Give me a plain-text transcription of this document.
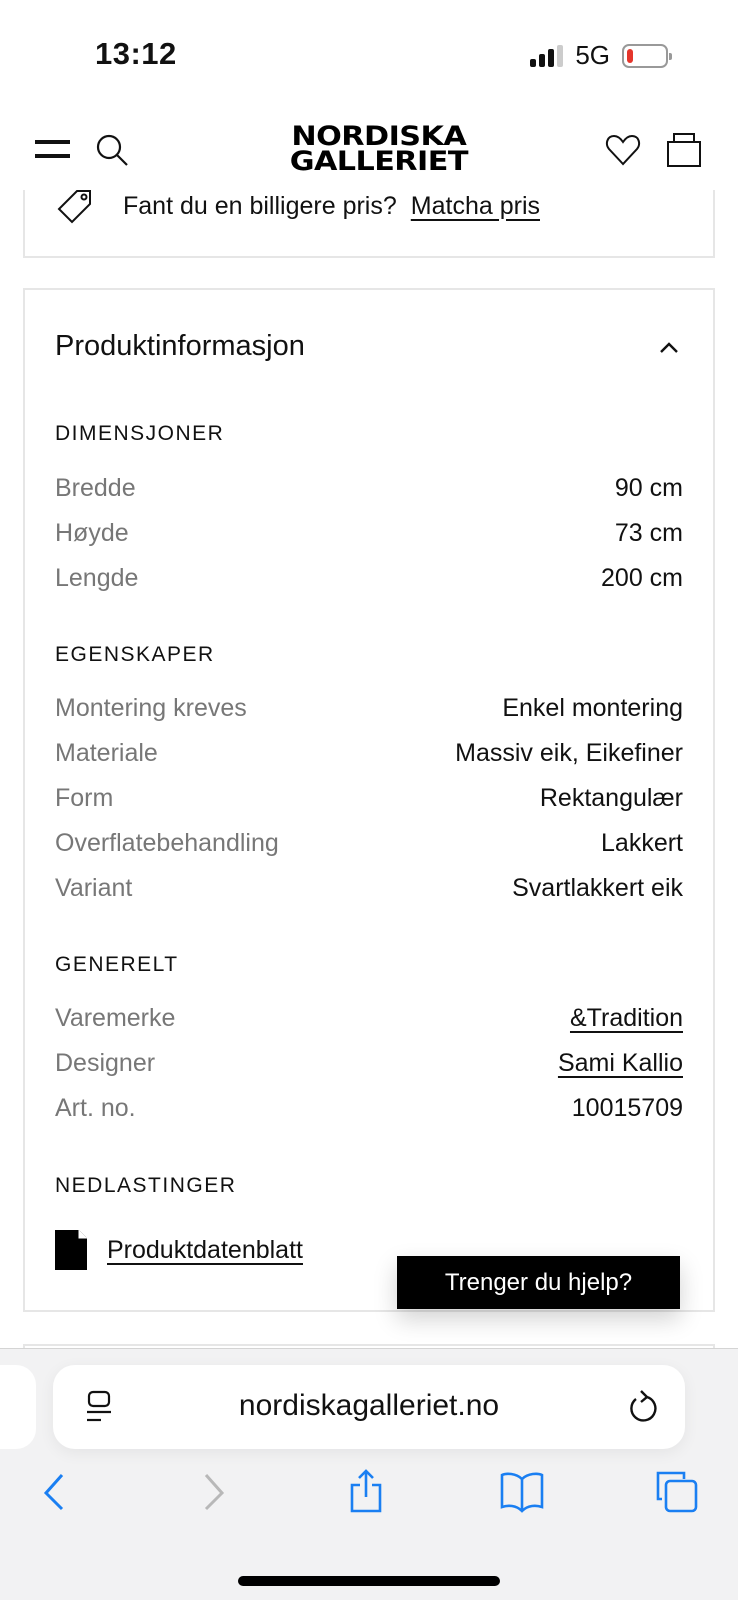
13:12	5G
NORDISKA
GALLERIET
Fant du en billigere pris? Matcha pris
Produktinformasjon
DIMENSJONER
Bredde	90 cm
Høyde	73 cm
Lengde	200 cm
EGENSKAPER
Montering kreves	Enkel montering
Materiale	Massiv eik, Eikefiner
Form	Rektangulær
Overflatebehandling	Lakkert
Variant	Svartlakkert eik
GENERELT
Varemerke	&Tradition
Designer	Sami Kallio
Art. no.	10015709
NEDLASTINGER
Produktdatenblatt
Trenger du hjelp?
nordiskagalleriet.no
